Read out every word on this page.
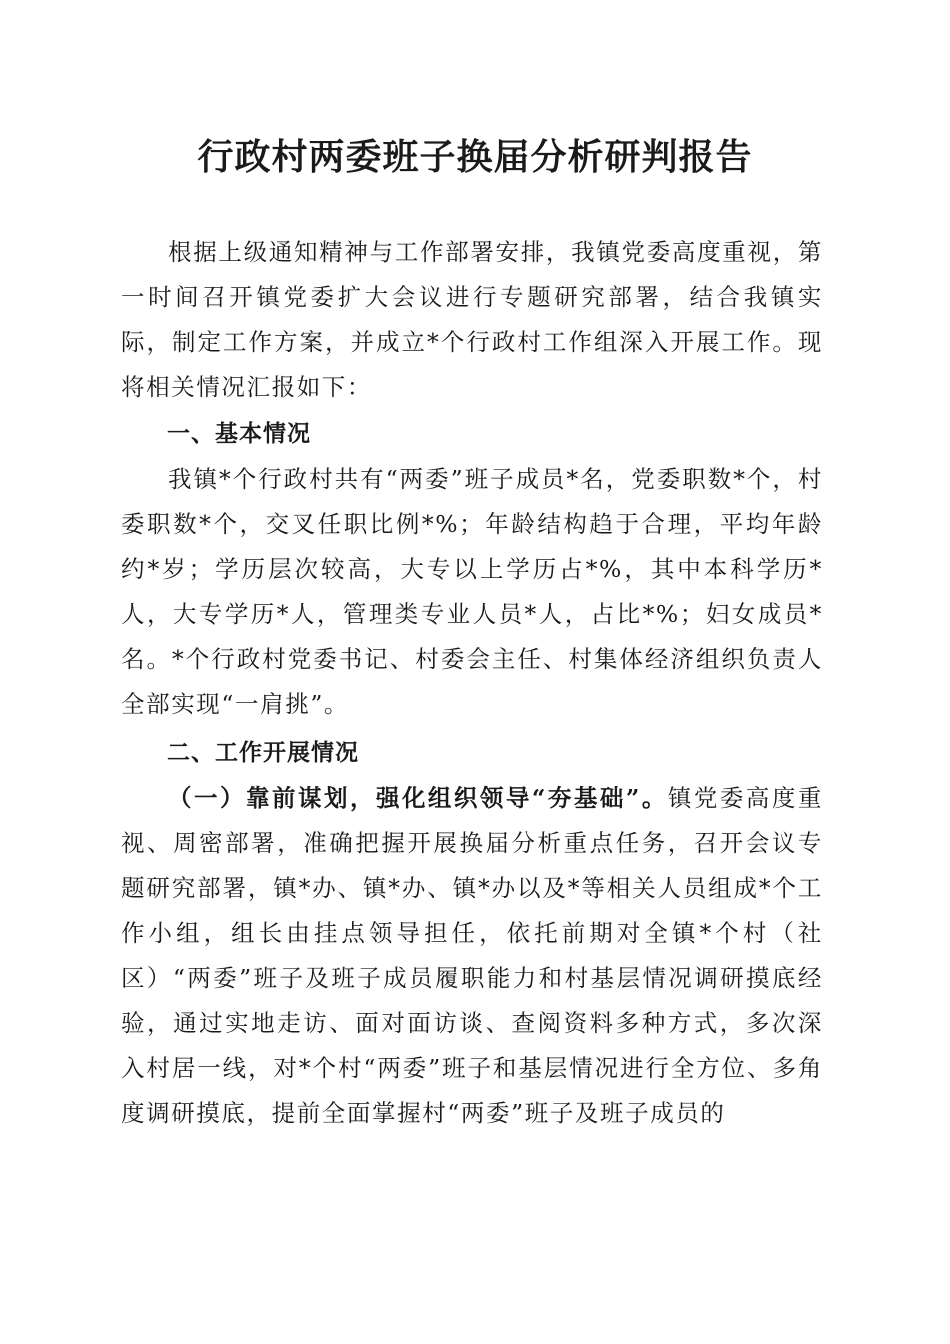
行政村两委班子换届分析研判报告

根据上级通知精神与工作部署安排，我镇党委高度重视，第一时间召开镇党委扩大会议进行专题研究部署，结合我镇实际，制定工作方案，并成立*个行政村工作组深入开展工作。现将相关情况汇报如下：

一、基本情况

我镇*个行政村共有“两委”班子成员*名，党委职数*个，村委职数*个，交叉任职比例*%；年龄结构趋于合理，平均年龄约*岁；学历层次较高，大专以上学历占*%，其中本科学历*人，大专学历*人，管理类专业人员*人，占比*%；妇女成员*名。*个行政村党委书记、村委会主任、村集体经济组织负责人全部实现“一肩挑”。

二、工作开展情况

（一）靠前谋划，强化组织领导“夯基础”。镇党委高度重视、周密部署，准确把握开展换届分析重点任务，召开会议专题研究部署，镇*办、镇*办、镇*办以及*等相关人员组成*个工作小组，组长由挂点领导担任，依托前期对全镇*个村（社区）“两委”班子及班子成员履职能力和村基层情况调研摸底经验，通过实地走访、面对面访谈、查阅资料多种方式，多次深入村居一线，对*个村“两委”班子和基层情况进行全方位、多角度调研摸底，提前全面掌握村“两委”班子及班子成员的
